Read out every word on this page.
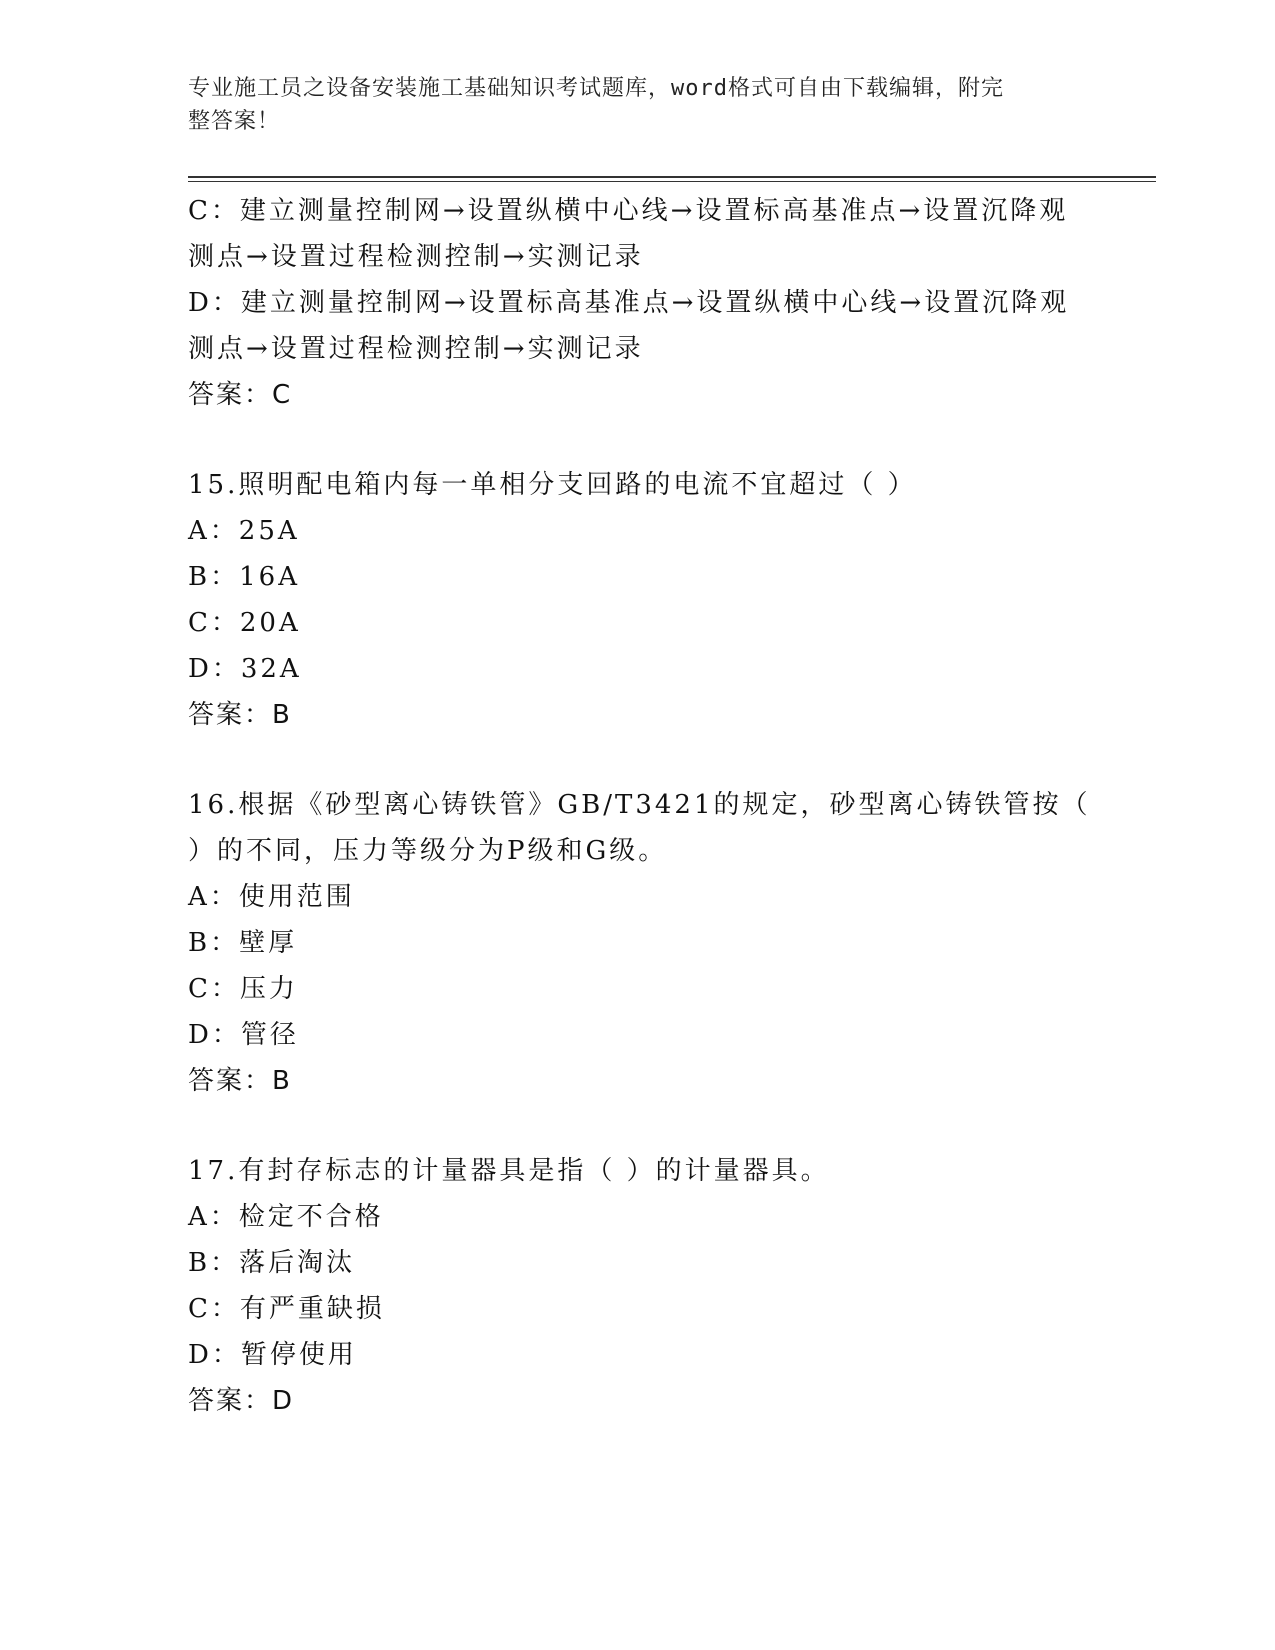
专业施工员之设备安装施工基础知识考试题库，word格式可自由下载编辑，附完
整答案！
C：建立测量控制网→设置纵横中心线→设置标高基准点→设置沉降观
测点→设置过程检测控制→实测记录
D：建立测量控制网→设置标高基准点→设置纵横中心线→设置沉降观
测点→设置过程检测控制→实测记录
答案：C
15.照明配电箱内每一单相分支回路的电流不宜超过（ ）
A：25A
B：16A
C：20A
D：32A
答案：B
16.根据《砂型离心铸铁管》GB/T3421的规定，砂型离心铸铁管按（
）的不同，压力等级分为P级和G级。
A：使用范围
B：壁厚
C：压力
D：管径
答案：B
17.有封存标志的计量器具是指（ ）的计量器具。
A：检定不合格
B：落后淘汰
C：有严重缺损
D：暂停使用
答案：D
